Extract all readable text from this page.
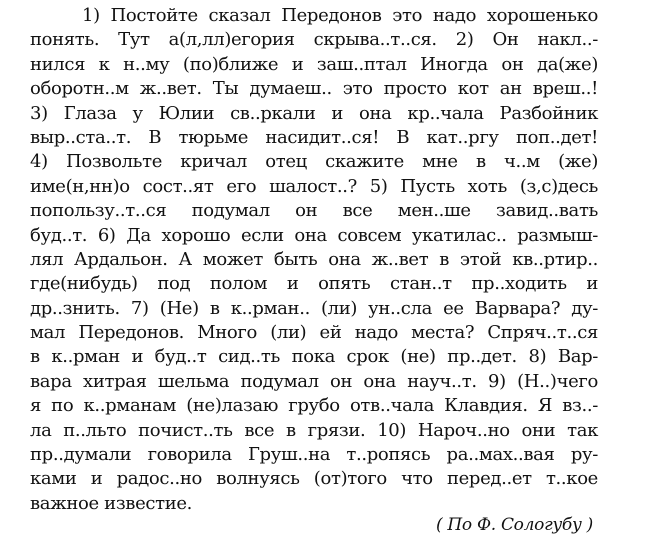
1) Постойте сказал Передонов это надо хорошенько
понять. Тут а(л,лл)егория скрыва..т..ся. 2) Он накл..-
нился к н..му (по)ближе и заш..птал Иногда он да(же)
оборотн..м ж..вет. Ты думаеш.. это просто кот ан вреш..!
3) Глаза у Юлии св..ркали и она кр..чала Разбойник
выр..ста..т. В тюрьме насидит..ся! В кат..ргу поп..дет!
4) Позвольте кричал отец скажите мне в ч..м (же)
име(н,нн)о сост..ят его шалост..? 5) Пусть хоть (з,с)десь
попользу..т..ся подумал он все мен..ше завид..вать
буд..т. 6) Да хорошо если она совсем укатилас.. размыш-
лял Ардальон. А может быть она ж..вет в этой кв..ртир..
где(нибудь) под полом и опять стан..т пр..ходить и
др..знить. 7) (Не) в к..рман.. (ли) ун..сла ее Варвара? ду-
мал Передонов. Много (ли) ей надо места? Спряч..т..ся
в к..рман и буд..т сид..ть пока срок (не) пр..дет. 8) Вар-
вара хитрая шельма подумал он она науч..т. 9) (Н..)чего
я по к..рманам (не)лазаю грубо отв..чала Клавдия. Я вз..-
ла п..льто почист..ть все в грязи. 10) Нароч..но они так
пр..думали говорила Груш..на т..ропясь ра..мах..вая ру-
ками и радос..но волнуясь (от)того что перед..ет т..кое
важное известие.
( По Ф. Сологубу )
